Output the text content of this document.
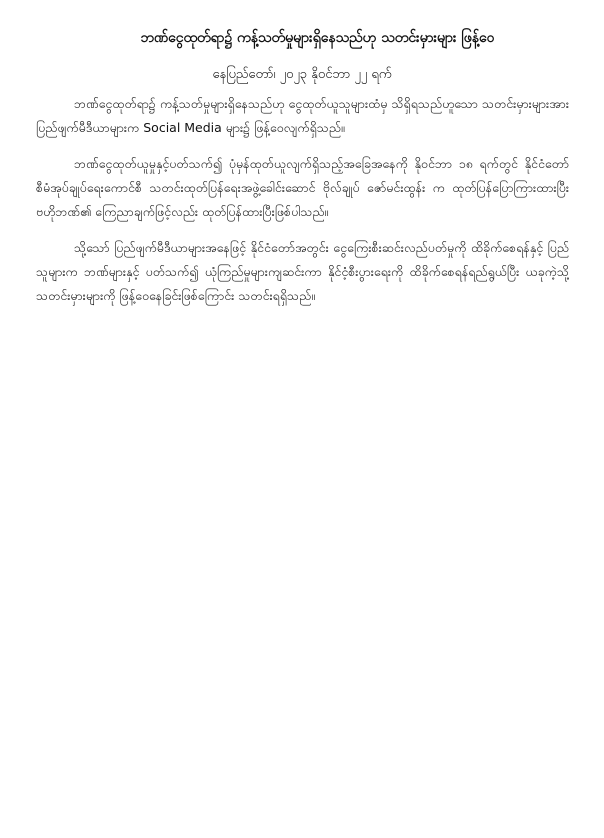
ဘဏ်ငွေထုတ်ရာ၌ ကန့်သတ်မှုများရှိနေသည်ဟု သတင်းမှားများ ဖြန့်ဝေ
နေပြည်တော်၊ ၂၀၂၃ နိုဝင်ဘာ ၂၂ ရက်

ဘဏ်ငွေထုတ်ရာ၌ ကန့်သတ်မှုများရှိနေသည်ဟု ငွေထုတ်ယူသူများထံမှ သိရှိရသည်ဟူသော သတင်းမှားများအား ပြည်ဖျက်မီဒီယာများက Social Media များ၌ ဖြန့်ဝေလျက်ရှိသည်။

ဘဏ်ငွေထုတ်ယူမှုနှင့်ပတ်သက်၍ ပုံမှန်ထုတ်ယူလျက်ရှိသည့်အခြေအနေကို နိုဝင်ဘာ ၁၈ ရက်တွင် နိုင်ငံတော်စီမံအုပ်ချုပ်ရေးကောင်စီ သတင်းထုတ်ပြန်ရေးအဖွဲ့ခေါင်းဆောင် ဗိုလ်ချုပ် ဇော်မင်းထွန်း က ထုတ်ပြန်ပြောကြားထားပြီး ဗဟိုဘဏ်၏ ကြေညာချက်ဖြင့်လည်း ထုတ်ပြန်ထားပြီးဖြစ်ပါသည်။

သို့သော် ပြည်ဖျက်မီဒီယာများအနေဖြင့် နိုင်ငံတော်အတွင်း ငွေကြေးစီးဆင်းလည်ပတ်မှုကို ထိခိုက်စေရန်နှင့် ပြည်သူများက ဘဏ်များနှင့် ပတ်သက်၍ ယုံကြည်မှုများကျဆင်းကာ နိုင်ငံ့စီးပွားရေးကို ထိခိုက်စေရန်ရည်ရွယ်ပြီး ယခုကဲ့သို့ သတင်းမှားများကို ဖြန့်ဝေနေခြင်းဖြစ်ကြောင်း သတင်းရရှိသည်။
